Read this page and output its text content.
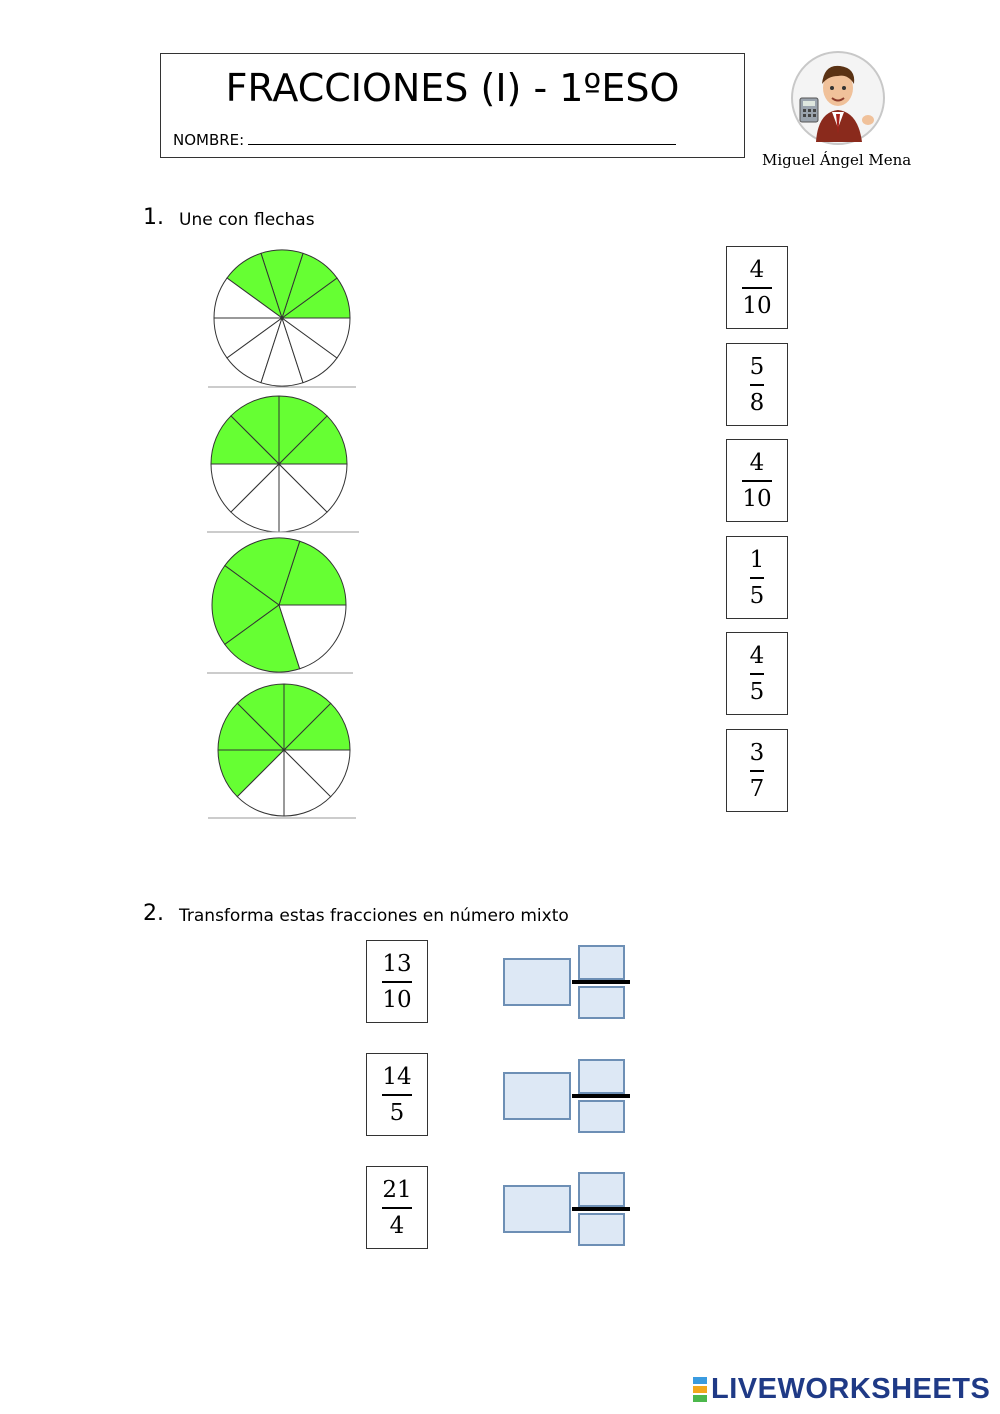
FRACCIONES (I) - 1ºESO
NOMBRE:
Miguel Ángel Mena
1. Une con flechas
4
10
5
8
4
10
1
5
4
5
3
7
2. Transforma estas fracciones en número mixto
13
10
14
5
21
4
LIVEWORKSHEETS
